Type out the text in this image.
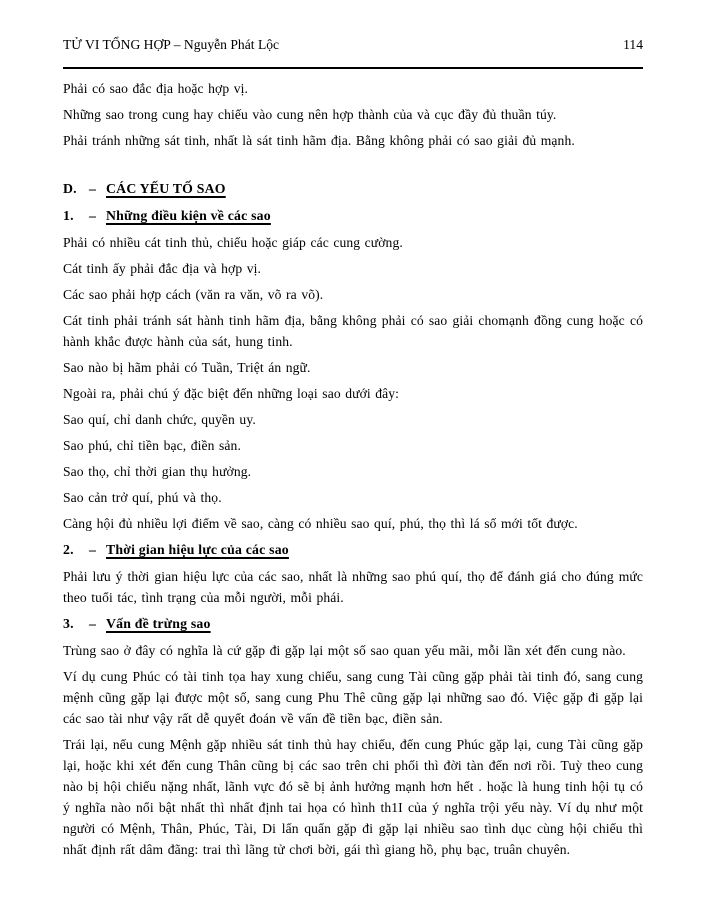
TỬ VI TỔNG HỢP – Nguyễn Phát Lộc	114

Phải có sao đắc địa hoặc hợp vị.

Những sao trong cung hay chiếu vào cung nên hợp thành của và cục đầy đủ thuần túy.

Phải tránh những sát tinh, nhất là sát tinh hãm địa. Bằng không phải có sao giải đủ mạnh.

D. – CÁC YẾU TỐ SAO
1. – Những điều kiện về các sao

Phải có nhiều cát tinh thủ, chiếu hoặc giáp các cung cường.

Cát tinh ấy phải đắc địa và hợp vị.

Các sao phải hợp cách (văn ra văn, võ ra võ).

Cát tinh phải tránh sát hành tinh hãm địa, bằng không phải có sao giải chomạnh đồng cung hoặc có hành khắc được hành của sát, hung tinh.

Sao nào bị hãm phải có Tuần, Triệt án ngữ.

Ngoài ra, phải chú ý đặc biệt đến những loại sao dưới đây:

Sao quí, chỉ danh chức, quyền uy.

Sao phú, chỉ tiền bạc, điền sản.

Sao thọ, chỉ thời gian thụ hưởng.

Sao cản trở quí, phú và thọ.

Càng hội đủ nhiều lợi điểm về sao, càng có nhiều sao quí, phú, thọ thì lá số mới tốt được.

2. – Thời gian hiệu lực của các sao

Phải lưu ý thời gian hiệu lực của các sao, nhất là những sao phú quí, thọ để đánh giá cho đúng mức theo tuổi tác, tình trạng của mỗi người, mỗi phái.

3. – Vấn đề trừng sao

Trùng sao ở đây có nghĩa là cứ gặp đi gặp lại một số sao quan yếu mãi, mỗi lần xét đến cung nào.

Ví dụ cung Phúc có tài tinh tọa hay xung chiếu, sang cung Tài cũng gặp phải tài tinh đó, sang cung mệnh cũng gặp lại được một số, sang cung Phu Thê cũng gặp lại những sao đó. Việc gặp đi gặp lại các sao tài như vậy rất dễ quyết đoán về vấn đề tiền bạc, điền sản.

Trái lại, nếu cung Mệnh gặp nhiều sát tinh thủ hay chiếu, đến cung Phúc gặp lại, cung Tài cũng gặp lại, hoặc khi xét đến cung Thân cũng bị các sao trên chi phối thì đời tàn đến nơi rồi. Tuỳ theo cung nào bị hội chiếu nặng nhất, lãnh vực đó sẽ bị ảnh hưởng mạnh hơn hết . hoặc là hung tinh hội tụ có ý nghĩa nào nổi bật nhất thì nhất định tai họa có hình th1I của ý nghĩa trội yếu này. Ví dụ như một người có Mệnh, Thân, Phúc, Tài, Di lẩn quẩn gặp đi gặp lại nhiều sao tình dục cùng hội chiếu thì nhất định rất dâm đãng: trai thì lãng tử chơi bời, gái thì giang hồ, phụ bạc, truân chuyên.
